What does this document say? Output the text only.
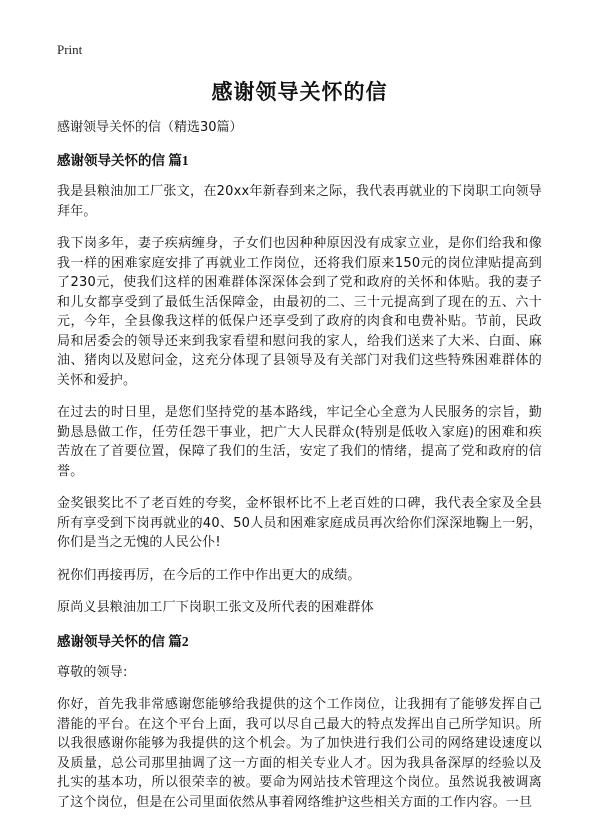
Print

感谢领导关怀的信

感谢领导关怀的信（精选30篇）

感谢领导关怀的信 篇1

我是县粮油加工厂张文，在20xx年新春到来之际，我代表再就业的下岗职工向领导拜年。

我下岗多年，妻子疾病缠身，子女们也因种种原因没有成家立业，是你们给我和像我一样的困难家庭安排了再就业工作岗位，还将我们原来150元的岗位津贴提高到了230元，使我们这样的困难群体深深体会到了党和政府的关怀和体贴。我的妻子和儿女都享受到了最低生活保障金，由最初的二、三十元提高到了现在的五、六十元，今年，全县像我这样的低保户还享受到了政府的肉食和电费补贴。节前，民政局和居委会的领导还来到我家看望和慰问我的家人，给我们送来了大米、白面、麻油、猪肉以及慰问金，这充分体现了县领导及有关部门对我们这些特殊困难群体的关怀和爱护。

在过去的时日里，是您们坚持党的基本路线，牢记全心全意为人民服务的宗旨，勤勤恳恳做工作，任劳任怨干事业，把广大人民群众(特别是低收入家庭)的困难和疾苦放在了首要位置，保障了我们的生活，安定了我们的情绪，提高了党和政府的信誉。

金奖银奖比不了老百姓的夸奖，金杯银杯比不上老百姓的口碑，我代表全家及全县所有享受到下岗再就业的40、50人员和困难家庭成员再次给你们深深地鞠上一躬，你们是当之无愧的人民公仆!

祝你们再接再厉，在今后的工作中作出更大的成绩。

原尚义县粮油加工厂下岗职工张文及所代表的困难群体

感谢领导关怀的信 篇2

尊敬的领导:

你好，首先我非常感谢您能够给我提供的这个工作岗位，让我拥有了能够发挥自己潜能的平台。在这个平台上面，我可以尽自己最大的特点发挥出自己所学知识。所以我很感谢你能够为我提供的这个机会。为了加快进行我们公司的网络建设速度以及质量，总公司那里抽调了这一方面的相关专业人才。因为我具备深厚的经验以及扎实的基本功，所以很荣幸的被。要命为网站技术管理这个岗位。虽然说我被调离了这个岗位，但是在公司里面依然从事着网络维护这些相关方面的工作内容。一旦
